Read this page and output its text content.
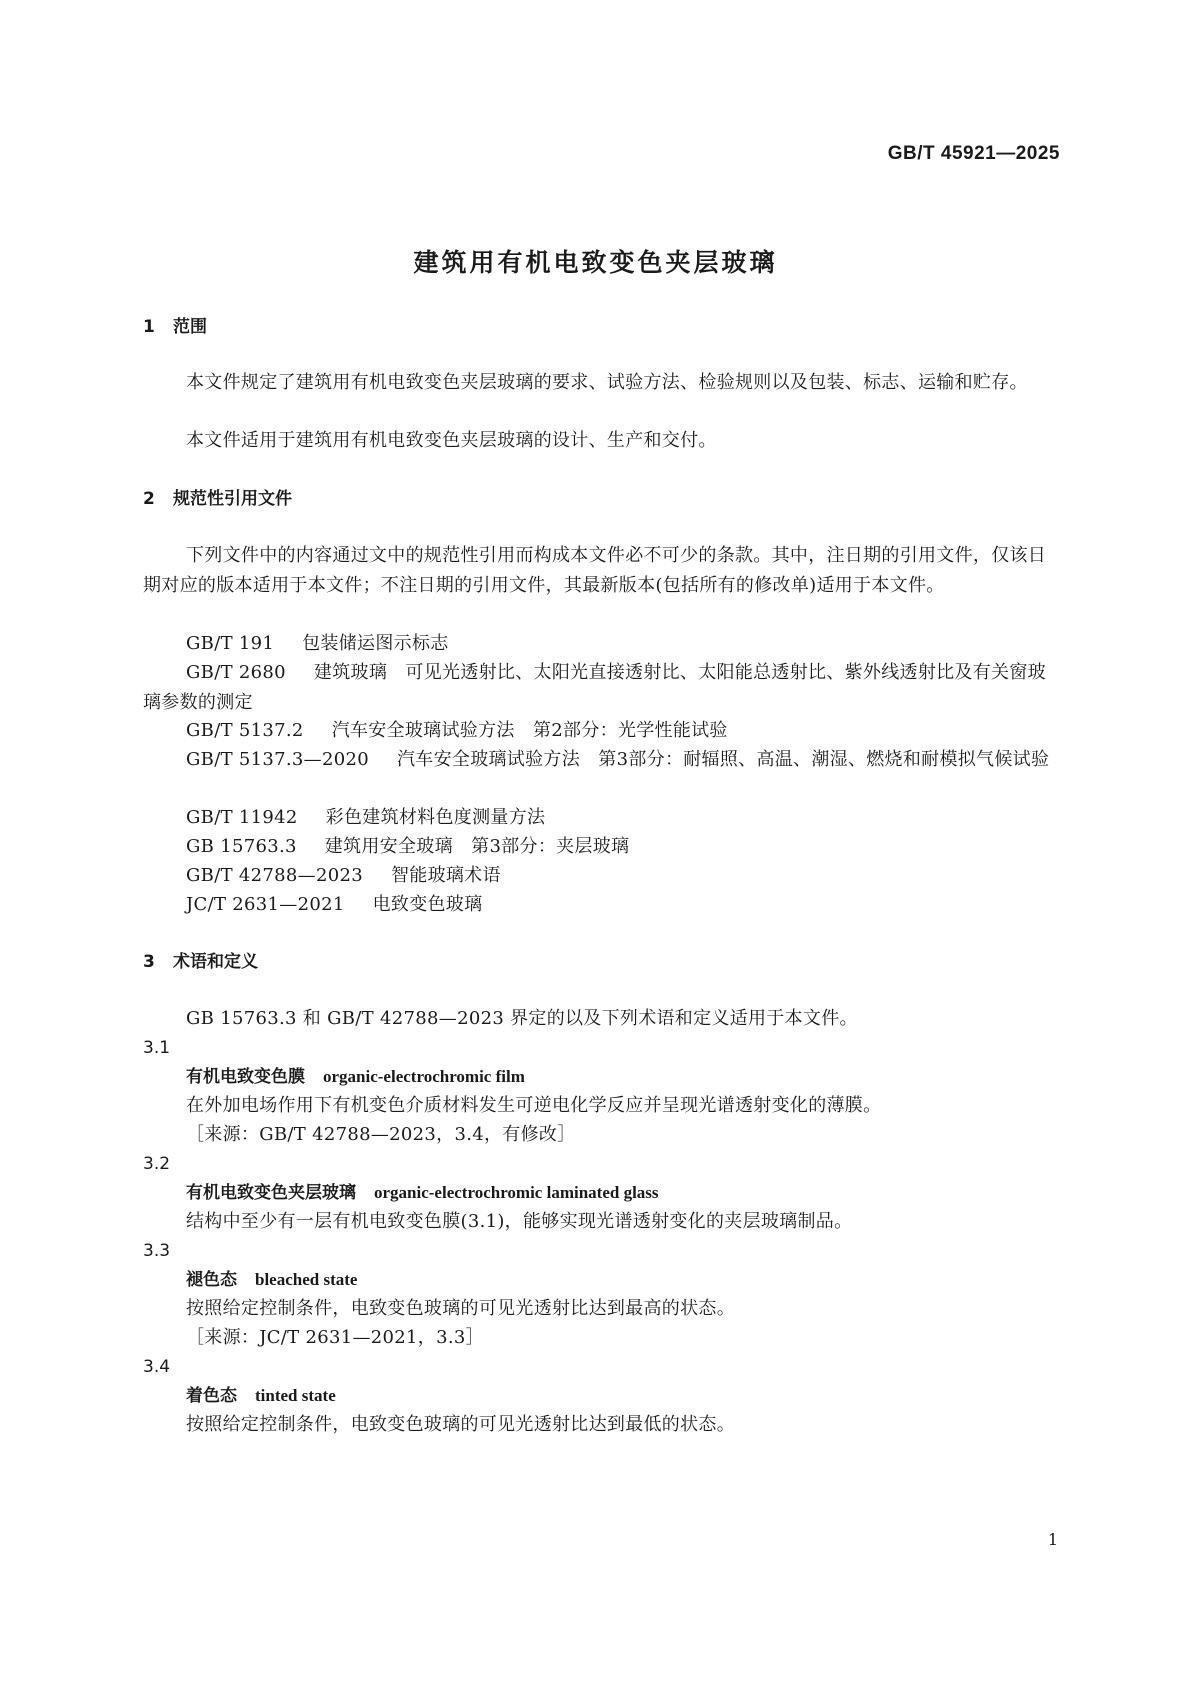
GB/T 45921—2025
建筑用有机电致变色夹层玻璃
1 范围
本文件规定了建筑用有机电致变色夹层玻璃的要求、试验方法、检验规则以及包装、标志、运输和贮存。
本文件适用于建筑用有机电致变色夹层玻璃的设计、生产和交付。
2 规范性引用文件
下列文件中的内容通过文中的规范性引用而构成本文件必不可少的条款。其中，注日期的引用文件，仅该日期对应的版本适用于本文件；不注日期的引用文件，其最新版本(包括所有的修改单)适用于本文件。
GB/T 191 包装储运图示标志
GB/T 2680 建筑玻璃　可见光透射比、太阳光直接透射比、太阳能总透射比、紫外线透射比及有关窗玻璃参数的测定
GB/T 5137.2 汽车安全玻璃试验方法　第2部分：光学性能试验
GB/T 5137.3—2020 汽车安全玻璃试验方法　第3部分：耐辐照、高温、潮湿、燃烧和耐模拟气候试验
GB/T 11942 彩色建筑材料色度测量方法
GB 15763.3 建筑用安全玻璃　第3部分：夹层玻璃
GB/T 42788—2023 智能玻璃术语
JC/T 2631—2021 电致变色玻璃
3 术语和定义
GB 15763.3 和 GB/T 42788—2023 界定的以及下列术语和定义适用于本文件。
3.1
有机电致变色膜 organic-electrochromic film
在外加电场作用下有机变色介质材料发生可逆电化学反应并呈现光谱透射变化的薄膜。
［来源：GB/T 42788—2023，3.4，有修改］
3.2
有机电致变色夹层玻璃 organic-electrochromic laminated glass
结构中至少有一层有机电致变色膜(3.1)，能够实现光谱透射变化的夹层玻璃制品。
3.3
褪色态 bleached state
按照给定控制条件，电致变色玻璃的可见光透射比达到最高的状态。
［来源：JC/T 2631—2021，3.3］
3.4
着色态 tinted state
按照给定控制条件，电致变色玻璃的可见光透射比达到最低的状态。
1
